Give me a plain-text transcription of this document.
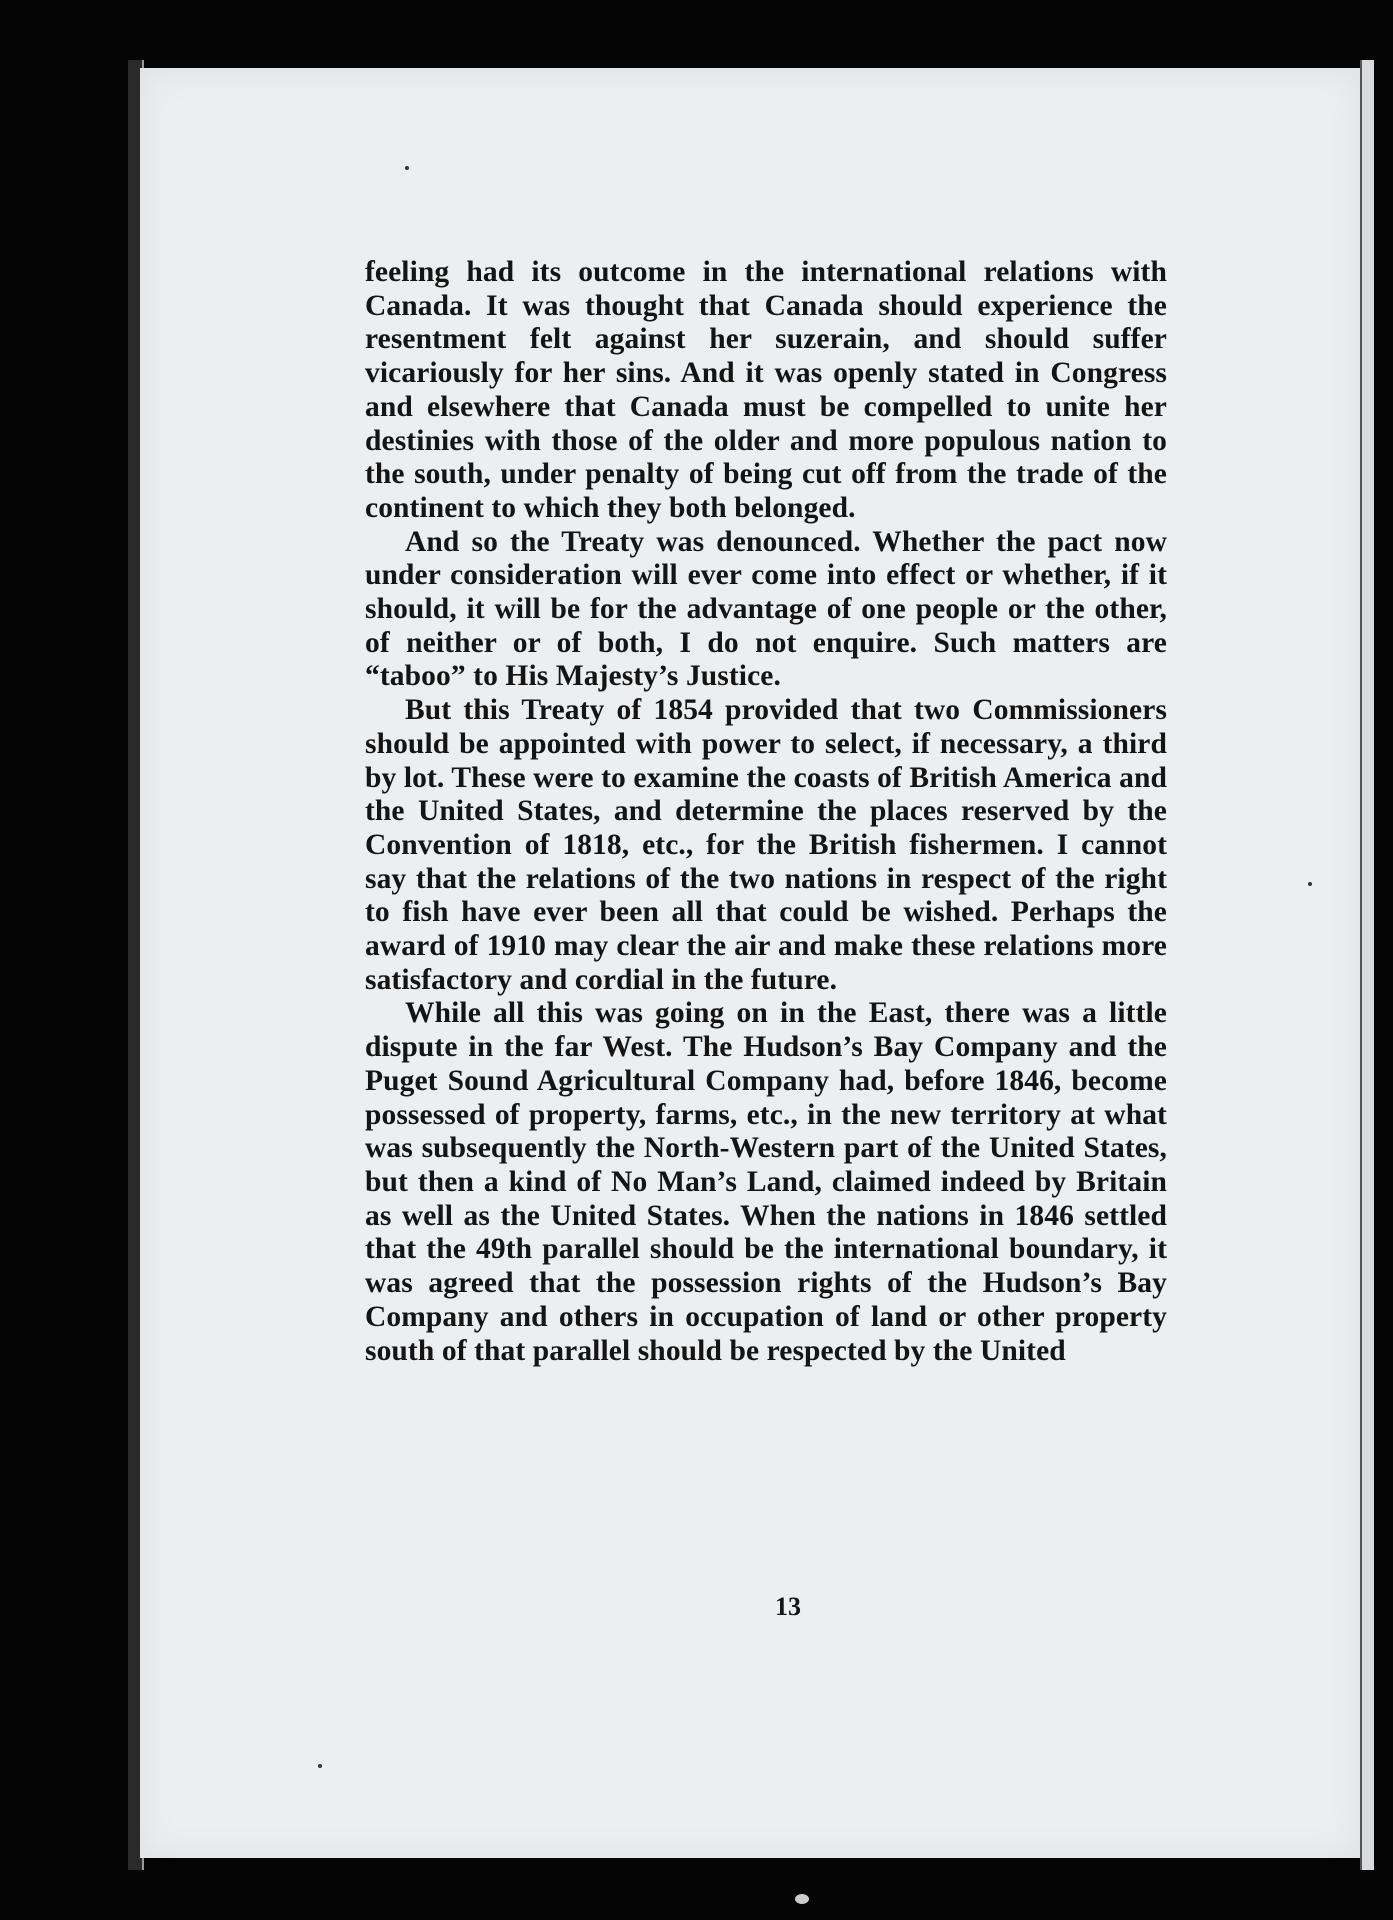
feeling had its outcome in the international relations with Canada. It was thought that Canada should experience the resentment felt against her suzerain, and should suffer vicariously for her sins. And it was openly stated in Congress and elsewhere that Canada must be compelled to unite her destinies with those of the older and more populous nation to the south, under penalty of being cut off from the trade of the continent to which they both belonged.

And so the Treaty was denounced. Whether the pact now under consideration will ever come into effect or whether, if it should, it will be for the advantage of one people or the other, of neither or of both, I do not enquire. Such matters are “taboo” to His Majesty’s Justice.

But this Treaty of 1854 provided that two Commissioners should be appointed with power to select, if necessary, a third by lot. These were to examine the coasts of British America and the United States, and determine the places reserved by the Convention of 1818, etc., for the British fishermen. I cannot say that the relations of the two nations in respect of the right to fish have ever been all that could be wished. Perhaps the award of 1910 may clear the air and make these relations more satisfactory and cordial in the future.

While all this was going on in the East, there was a little dispute in the far West. The Hudson’s Bay Company and the Puget Sound Agricultural Company had, before 1846, become possessed of property, farms, etc., in the new territory at what was subsequently the North-Western part of the United States, but then a kind of No Man’s Land, claimed indeed by Britain as well as the United States. When the nations in 1846 settled that the 49th parallel should be the international boundary, it was agreed that the possession rights of the Hudson’s Bay Company and others in occupation of land or other property south of that parallel should be respected by the United

13
